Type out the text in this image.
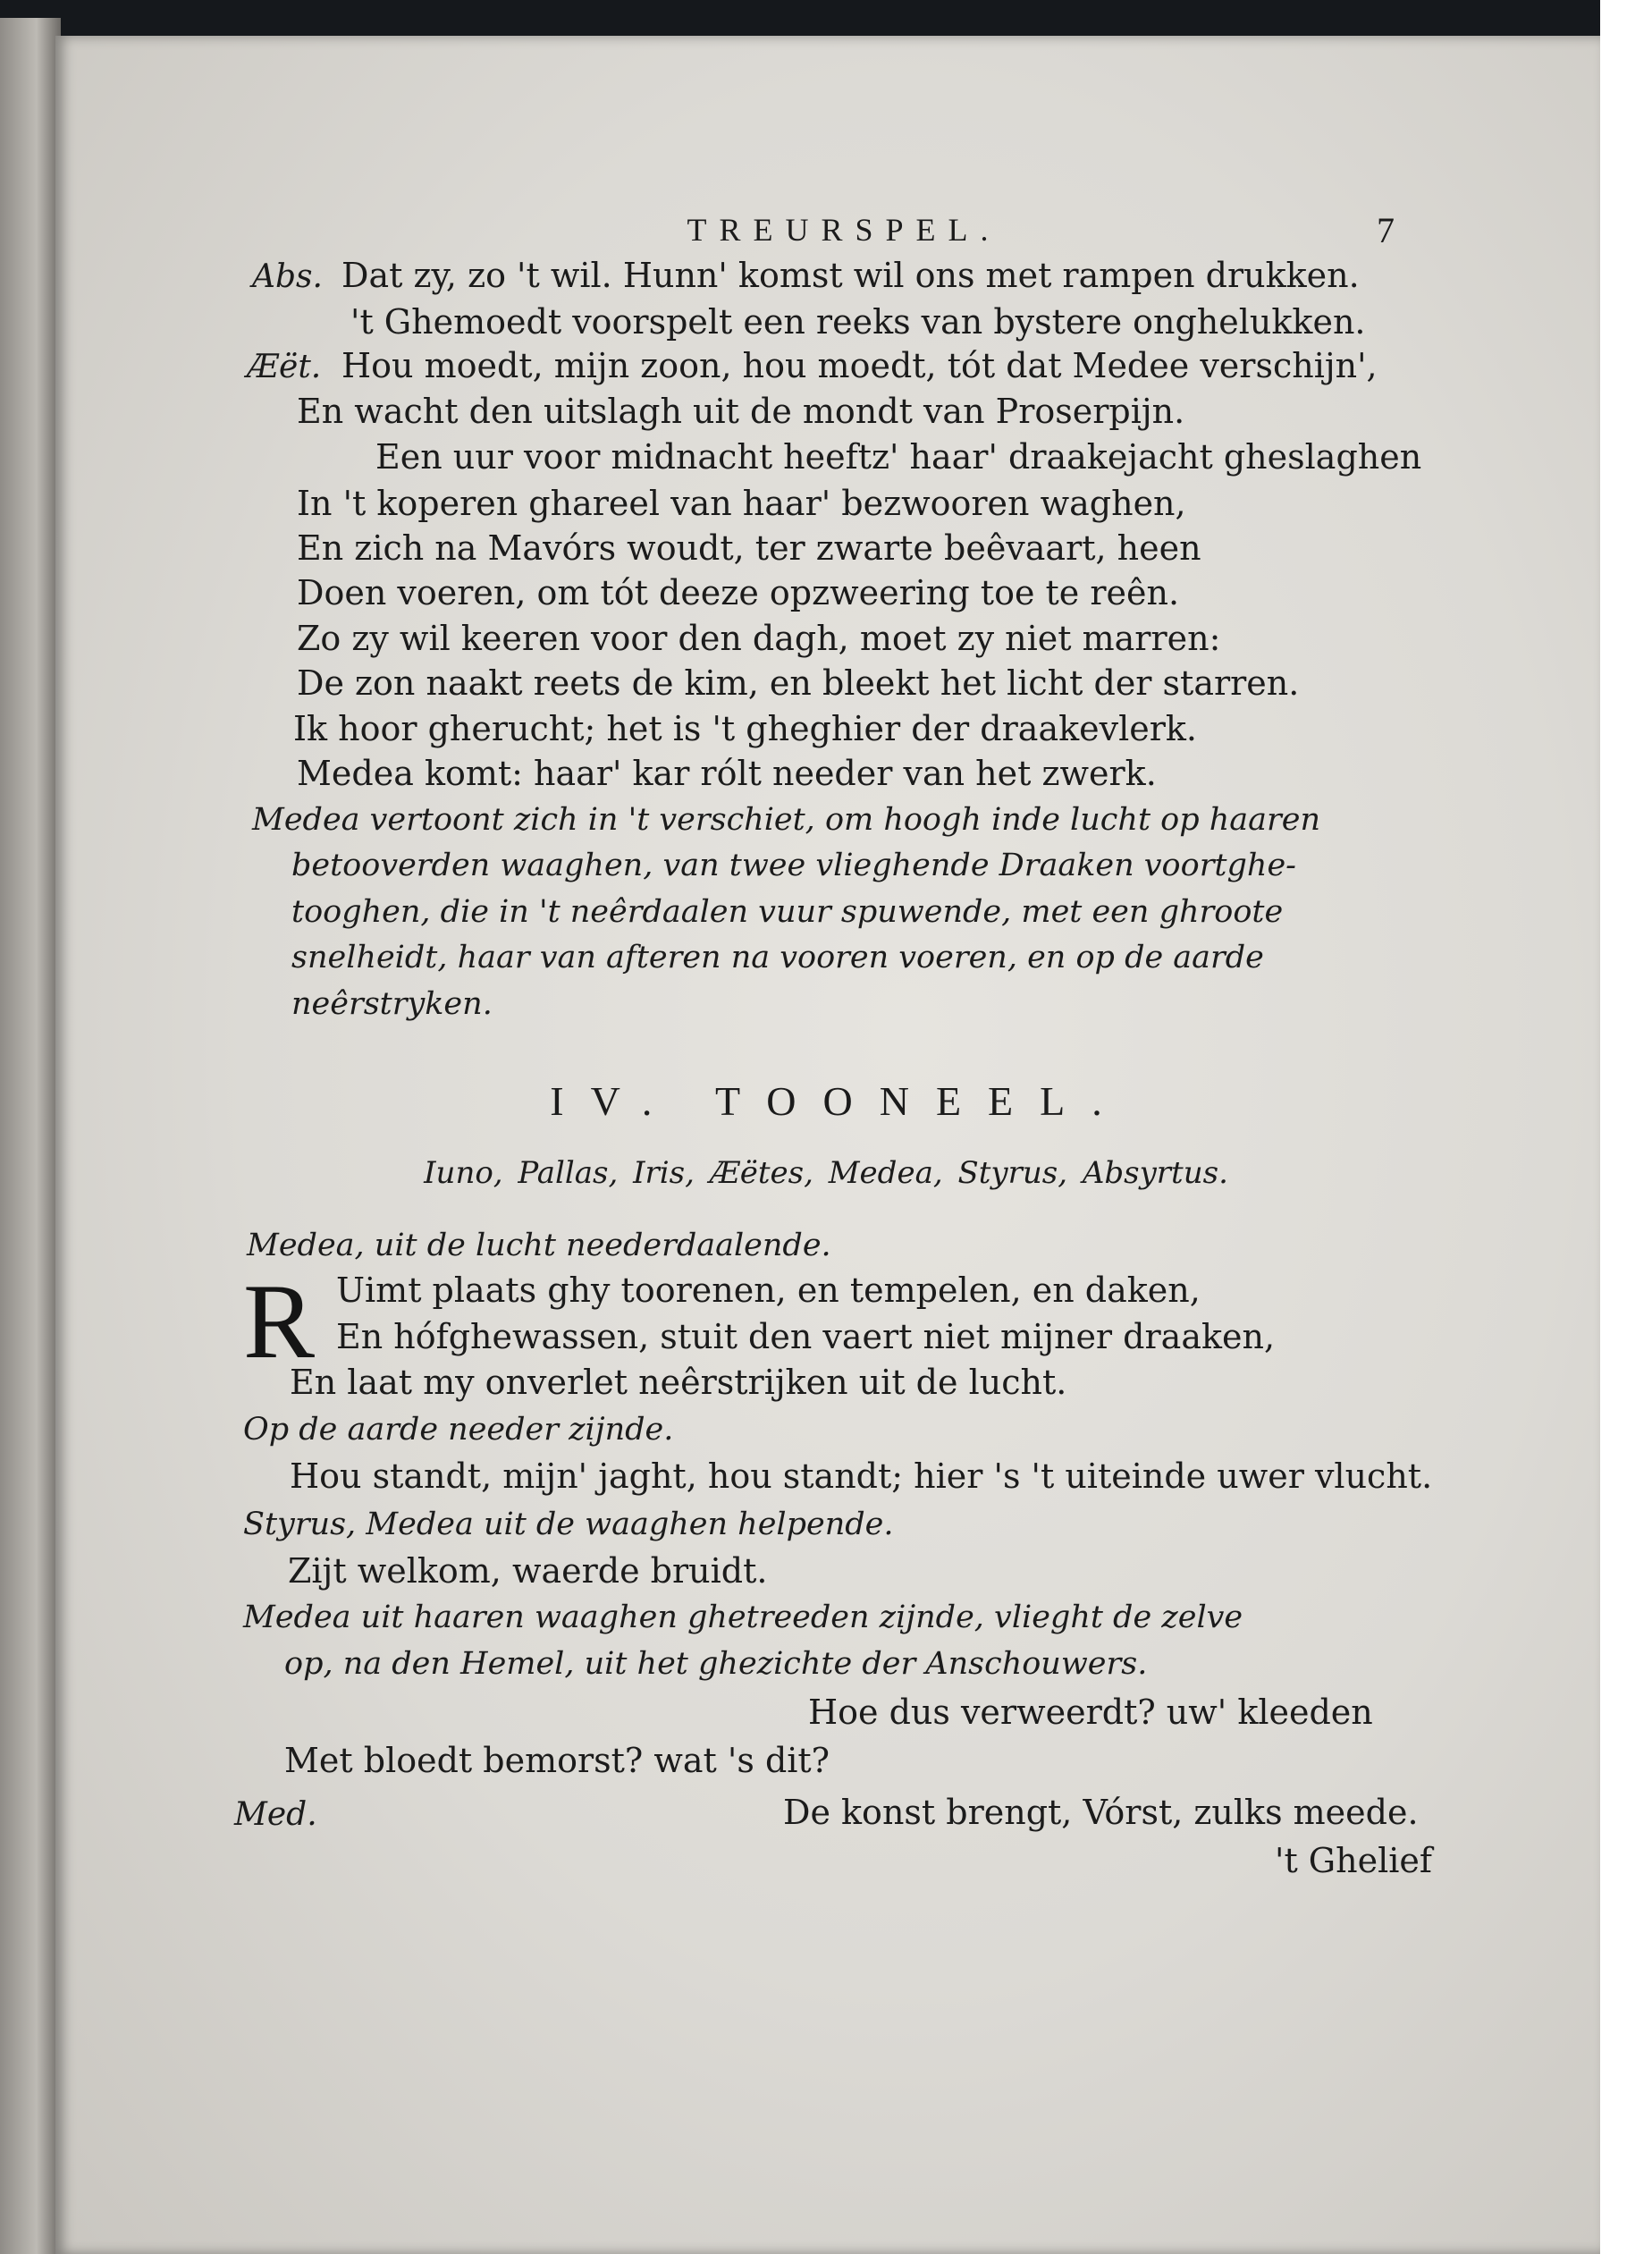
TREURSPEL.	7
Abs. Dat zy, zo 't wil. Hunn' komst wil ons met rampen drukken.
't Ghemoedt voorspelt een reeks van bystere onghelukken.
Æët. Hou moedt, mijn zoon, hou moedt, tót dat Medee verschijn',
En wacht den uitslagh uit de mondt van Proserpijn.
Een uur voor midnacht heeftz' haar' draakejacht gheslaghen
In 't koperen ghareel van haar' bezwooren waghen,
En zich na Mavórs woudt, ter zwarte beêvaart, heen
Doen voeren, om tót deeze opzweering toe te reên.
Zo zy wil keeren voor den dagh, moet zy niet marren:
De zon naakt reets de kim, en bleekt het licht der starren.
Ik hoor gherucht; het is 't gheghier der draakevlerk.
Medea komt: haar' kar rólt needer van het zwerk.
Medea vertoont zich in 't verschiet, om hoogh inde lucht op haaren
betooverden waaghen, van twee vlieghende Draaken voortghe-
tooghen, die in 't neêrdaalen vuur spuwende, met een ghroote
snelheidt, haar van afteren na vooren voeren, en op de aarde
neêrstryken.
IV. TOONEEL.
Iuno, Pallas, Iris, Æëtes, Medea, Styrus, Absyrtus.
Medea, uit de lucht neederdaalende.
R Uimt plaats ghy toorenen, en tempelen, en daken,
En hófghewassen, stuit den vaert niet mijner draaken,
En laat my onverlet neêrstrijken uit de lucht.
Op de aarde needer zijnde.
Hou standt, mijn' jaght, hou standt; hier 's 't uiteinde uwer vlucht.
Styrus, Medea uit de waaghen helpende.
Zijt welkom, waerde bruidt.
Medea uit haaren waaghen ghetreeden zijnde, vlieght de zelve
op, na den Hemel, uit het ghezichte der Anschouwers.
Hoe dus verweerdt? uw' kleeden
Met bloedt bemorst? wat 's dit?
Med.	De konst brengt, Vórst, zulks meede.
't Ghelief
